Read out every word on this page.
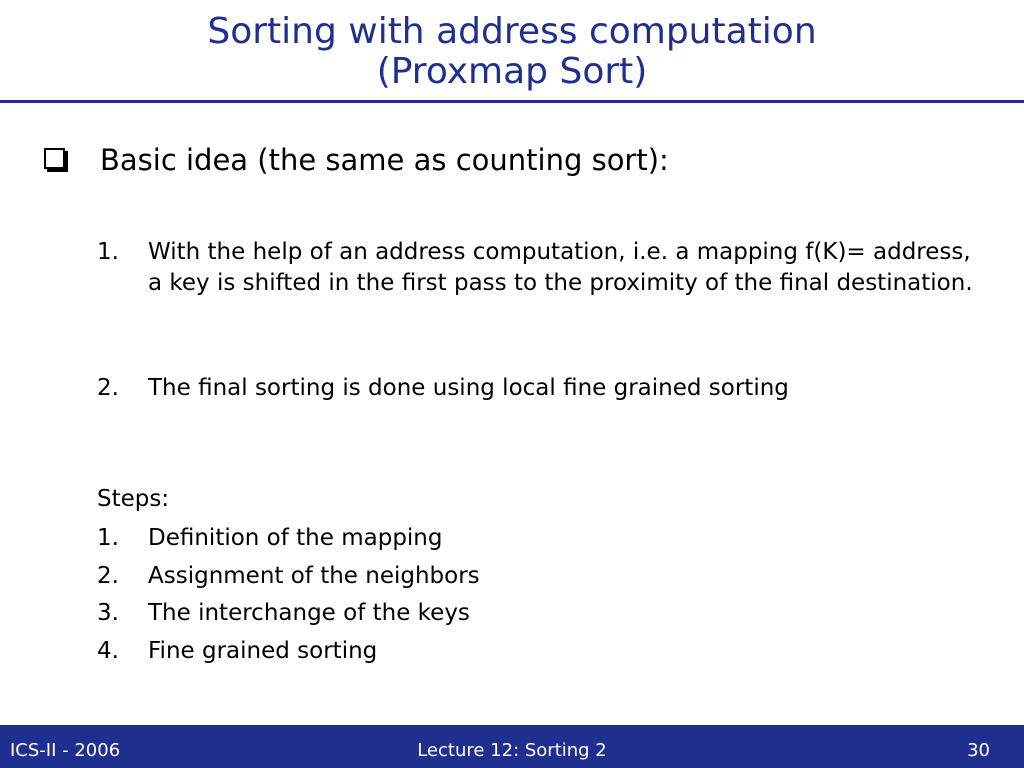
Sorting with address computation
(Proxmap Sort)
Basic idea (the same as counting sort):
1.	With the help of an address computation, i.e. a mapping f(K)= address, a key is shifted in the first pass to the proximity of the final destination.
2.	The final sorting is done using local fine grained sorting
Steps:
1.	Definition of the mapping
2.	Assignment of the neighbors
3.	The interchange of the keys
4.	Fine grained sorting
ICS-II - 2006	Lecture 12: Sorting 2	30
